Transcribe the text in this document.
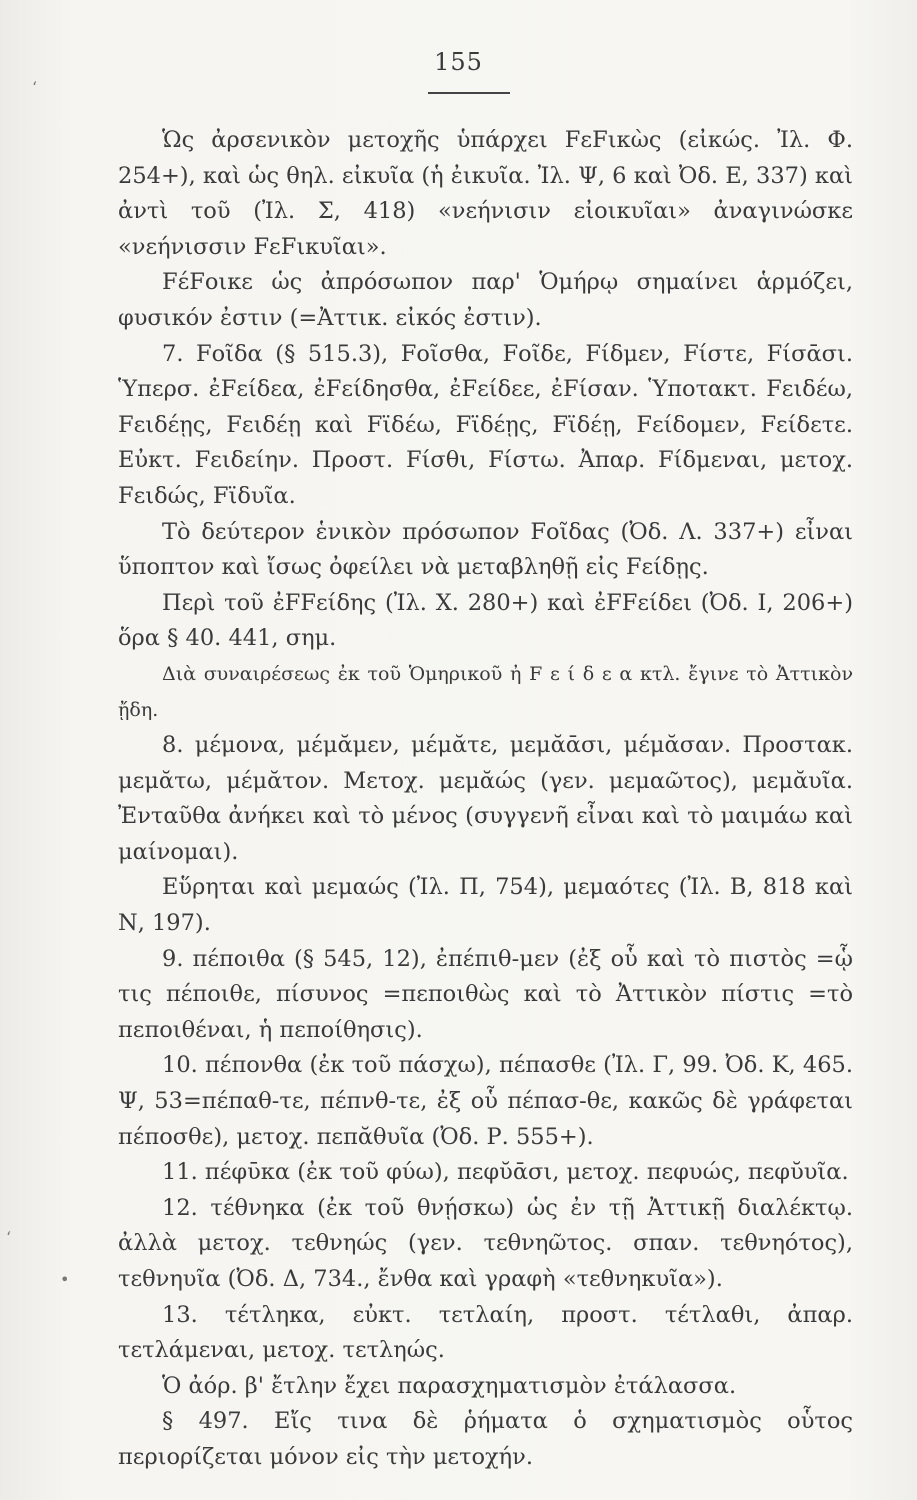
155
‘
‘
•

Ὡς ἀρσενικὸν μετοχῆς ὑπάρχει FεFικὼς (εἰκώς. Ἰλ. Φ. 254+), καὶ ὡς θηλ. εἰκυῖα (ἡ ἐικυῖα. Ἰλ. Ψ, 6 καὶ Ὀδ. Ε, 337) καὶ ἀντὶ τοῦ (Ἰλ. Σ, 418) «νεήνισιν εἰοικυῖαι» ἀναγινώσκε «νεήνισσιν FεFικυῖαι».

FέFοικε ὡς ἀπρόσωπον παρ' Ὁμήρῳ σημαίνει ἁρμόζει, φυσικόν ἐστιν (=Ἀττικ. εἰκός ἐστιν).

7. Fοῖδα (§ 515.3), Fοῖσθα, Fοῖδε, Fίδμεν, Fίστε, Fίσᾱσι. Ὑπερσ. ἐFείδεα, ἐFείδησθα, ἐFείδεε, ἐFίσαν. Ὑποτακτ. Fειδέω, Fειδέῃς, Fειδέῃ καὶ Fϊδέω, Fϊδέῃς, Fϊδέῃ, Fείδομεν, Fείδετε. Εὐκτ. Fειδείην. Προστ. Fίσθι, Fίστω. Ἀπαρ. Fίδμεναι, μετοχ. Fειδώς, Fϊδυῖα.

Τὸ δεύτερον ἑνικὸν πρόσωπον Fοῖδας (Ὀδ. Λ. 337+) εἶναι ὕποπτον καὶ ἴσως ὀφείλει νὰ μεταβληθῇ εἰς Fείδῃς.

Περὶ τοῦ ἐFFείδης (Ἰλ. Χ. 280+) καὶ ἐFFείδει (Ὀδ. Ι, 206+) ὅρα § 40. 441, σημ.

Διὰ συναιρέσεως ἐκ τοῦ Ὁμηρικοῦ ἠ F ε ί δ ε α κτλ. ἔγινε τὸ Ἀττικὸν ᾔδη.

8. μέμονα, μέμᾰμεν, μέμᾰτε, μεμᾰᾱσι, μέμᾰσαν. Προστακ. μεμᾰτω, μέμᾰτον. Μετοχ. μεμᾰώς (γεν. μεμαῶτος), μεμᾰυῖα. Ἐνταῦθα ἀνήκει καὶ τὸ μένος (συγγενῆ εἶναι καὶ τὸ μαιμάω καὶ μαίνομαι).

Εὕρηται καὶ μεμαώς (Ἰλ. Π, 754), μεμαότες (Ἰλ. Β, 818 καὶ Ν, 197).

9. πέποιθα (§ 545, 12), ἐπέπιθ-μεν (ἐξ οὗ καὶ τὸ πιστὸς =ᾧ τις πέποιθε, πίσυνος =πεποιθὼς καὶ τὸ Ἀττικὸν πίστις =τὸ πεποιθέναι, ἡ πεποίθησις).

10. πέπονθα (ἐκ τοῦ πάσχω), πέπασθε (Ἰλ. Γ, 99. Ὀδ. Κ, 465. Ψ, 53=πέπαθ-τε, πέπνθ-τε, ἐξ οὗ πέπασ-θε, κακῶς δὲ γράφεται πέποσθε), μετοχ. πεπᾰθυῖα (Ὀδ. Ρ. 555+).

11. πέφῡκα (ἐκ τοῦ φύω), πεφῠᾱσι, μετοχ. πεφυώς, πεφῠυῖα.

12. τέθνηκα (ἐκ τοῦ θνῄσκω) ὡς ἐν τῇ Ἀττικῇ διαλέκτῳ. ἀλλὰ μετοχ. τεθνηώς (γεν. τεθνηῶτος. σπαν. τεθνηότος), τεθνηυῖα (Ὀδ. Δ, 734., ἔνθα καὶ γραφὴ «τεθνηκυῖα»).

13. τέτληκα, εὐκτ. τετλαίη, προστ. τέτλαθι, ἀπαρ. τετλάμεναι, μετοχ. τετληώς.

Ὁ ἀόρ. β' ἔτλην ἔχει παρασχηματισμὸν ἐτάλασσα.

§ 497. Εἴς τινα δὲ ῥήματα ὁ σχηματισμὸς οὗτος περιορίζεται μόνον εἰς τὴν μετοχήν.
